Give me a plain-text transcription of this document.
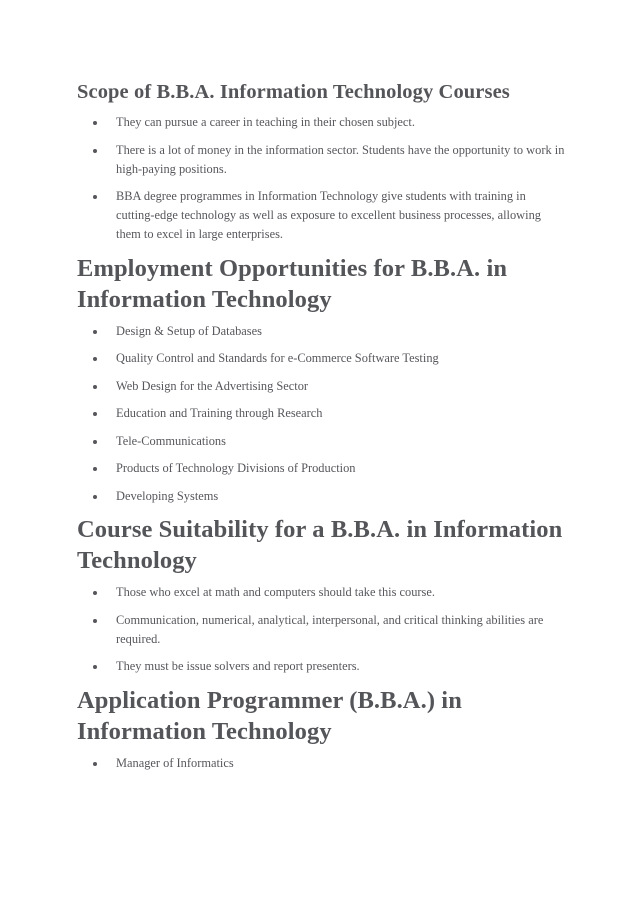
Scope of B.B.A. Information Technology Courses
They can pursue a career in teaching in their chosen subject.
There is a lot of money in the information sector. Students have the opportunity to work in high-paying positions.
BBA degree programmes in Information Technology give students with training in cutting-edge technology as well as exposure to excellent business processes, allowing them to excel in large enterprises.
Employment Opportunities for B.B.A. in Information Technology
Design & Setup of Databases
Quality Control and Standards for e-Commerce Software Testing
Web Design for the Advertising Sector
Education and Training through Research
Tele-Communications
Products of Technology Divisions of Production
Developing Systems
Course Suitability for a B.B.A. in Information Technology
Those who excel at math and computers should take this course.
Communication, numerical, analytical, interpersonal, and critical thinking abilities are required.
They must be issue solvers and report presenters.
Application Programmer (B.B.A.) in Information Technology
Manager of Informatics
